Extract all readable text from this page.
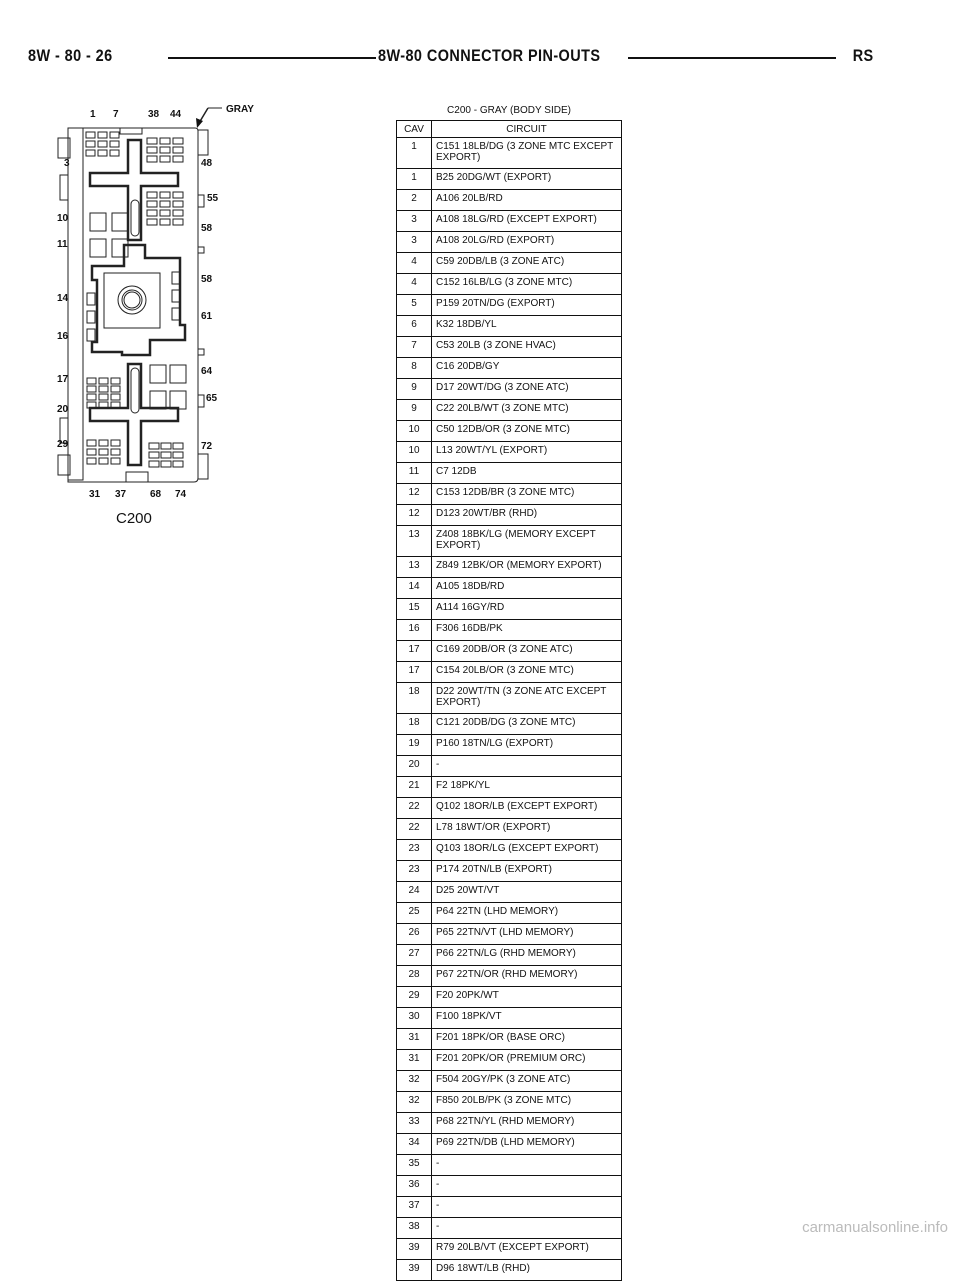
8W - 80 - 26	8W-80 CONNECTOR PIN-OUTS	RS
1 7	38 44
31 37 68 74
3
10
11
14
16
17
20
29
48
55
58
58
61
64
65
72
GRAY
C200
C200 - GRAY (BODY SIDE)
CAV	CIRCUIT
1	C151 18LB/DG (3 ZONE MTC EXCEPT EXPORT)
1	B25 20DG/WT (EXPORT)
2	A106 20LB/RD
3	A108 18LG/RD (EXCEPT EXPORT)
3	A108 20LG/RD (EXPORT)
4	C59 20DB/LB (3 ZONE ATC)
4	C152 16LB/LG (3 ZONE MTC)
5	P159 20TN/DG (EXPORT)
6	K32 18DB/YL
7	C53 20LB (3 ZONE HVAC)
8	C16 20DB/GY
9	D17 20WT/DG (3 ZONE ATC)
9	C22 20LB/WT (3 ZONE MTC)
10	C50 12DB/OR (3 ZONE MTC)
10	L13 20WT/YL (EXPORT)
11	C7 12DB
12	C153 12DB/BR (3 ZONE MTC)
12	D123 20WT/BR (RHD)
13	Z408 18BK/LG (MEMORY EXCEPT EXPORT)
13	Z849 12BK/OR (MEMORY EXPORT)
14	A105 18DB/RD
15	A114 16GY/RD
16	F306 16DB/PK
17	C169 20DB/OR (3 ZONE ATC)
17	C154 20LB/OR (3 ZONE MTC)
18	D22 20WT/TN (3 ZONE ATC EXCEPT EXPORT)
18	C121 20DB/DG (3 ZONE MTC)
19	P160 18TN/LG (EXPORT)
20	-
21	F2 18PK/YL
22	Q102 18OR/LB (EXCEPT EXPORT)
22	L78 18WT/OR (EXPORT)
23	Q103 18OR/LG (EXCEPT EXPORT)
23	P174 20TN/LB (EXPORT)
24	D25 20WT/VT
25	P64 22TN (LHD MEMORY)
26	P65 22TN/VT (LHD MEMORY)
27	P66 22TN/LG (RHD MEMORY)
28	P67 22TN/OR (RHD MEMORY)
29	F20 20PK/WT
30	F100 18PK/VT
31	F201 18PK/OR (BASE ORC)
31	F201 20PK/OR (PREMIUM ORC)
32	F504 20GY/PK (3 ZONE ATC)
32	F850 20LB/PK (3 ZONE MTC)
33	P68 22TN/YL (RHD MEMORY)
34	P69 22TN/DB (LHD MEMORY)
35	-
36	-
37	-
38	-
39	R79 20LB/VT (EXCEPT EXPORT)
39	D96 18WT/LB (RHD)
carmanualsonline.info
